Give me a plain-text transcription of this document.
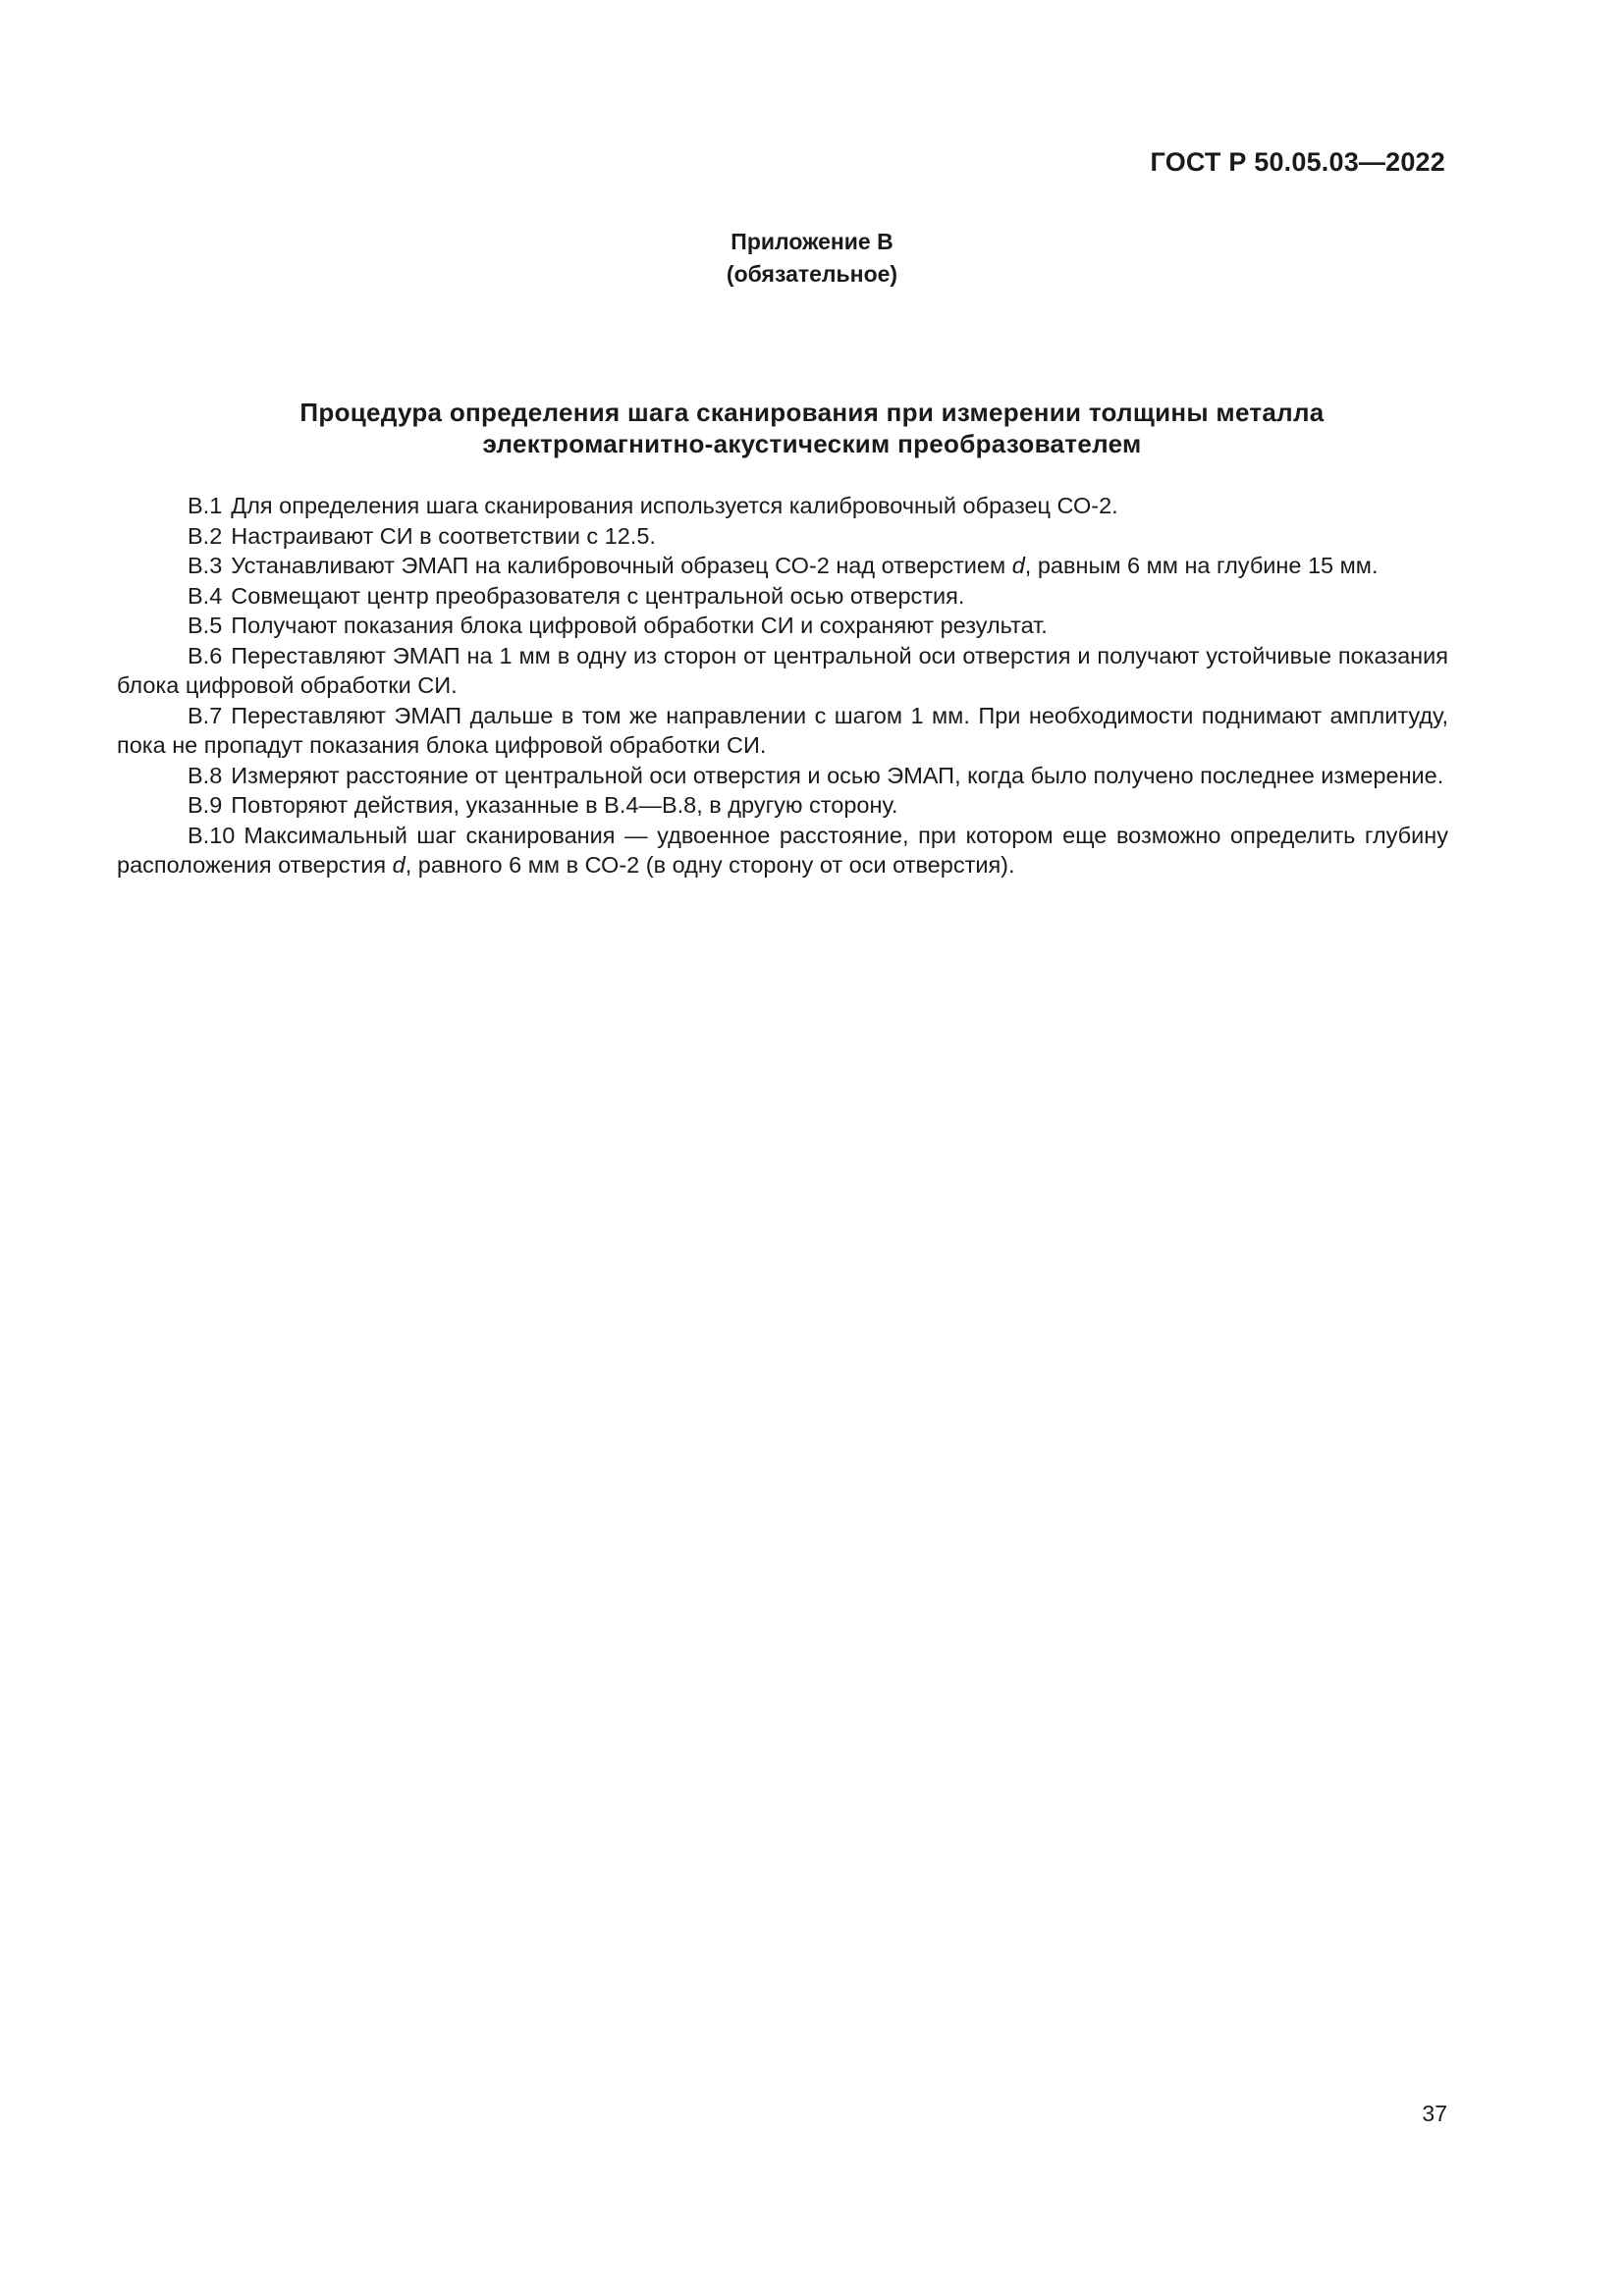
ГОСТ Р 50.05.03—2022
Приложение В
(обязательное)
Процедура определения шага сканирования при измерении толщины металла
электромагнитно-акустическим преобразователем

В.1 Для определения шага сканирования используется калибровочный образец СО-2.

В.2 Настраивают СИ в соответствии с 12.5.

В.3 Устанавливают ЭМАП на калибровочный образец СО-2 над отверстием d, равным 6 мм на глубине 15 мм.

В.4 Совмещают центр преобразователя с центральной осью отверстия.

В.5 Получают показания блока цифровой обработки СИ и сохраняют результат.

В.6 Переставляют ЭМАП на 1 мм в одну из сторон от центральной оси отверстия и получают устойчивые показания блока цифровой обработки СИ.

В.7 Переставляют ЭМАП дальше в том же направлении с шагом 1 мм. При необходимости поднимают амплитуду, пока не пропадут показания блока цифровой обработки СИ.

В.8 Измеряют расстояние от центральной оси отверстия и осью ЭМАП, когда было получено последнее измерение.

В.9 Повторяют действия, указанные в В.4—В.8, в другую сторону.

В.10 Максимальный шаг сканирования — удвоенное расстояние, при котором еще возможно определить глубину расположения отверстия d, равного 6 мм в СО-2 (в одну сторону от оси отверстия).

37
